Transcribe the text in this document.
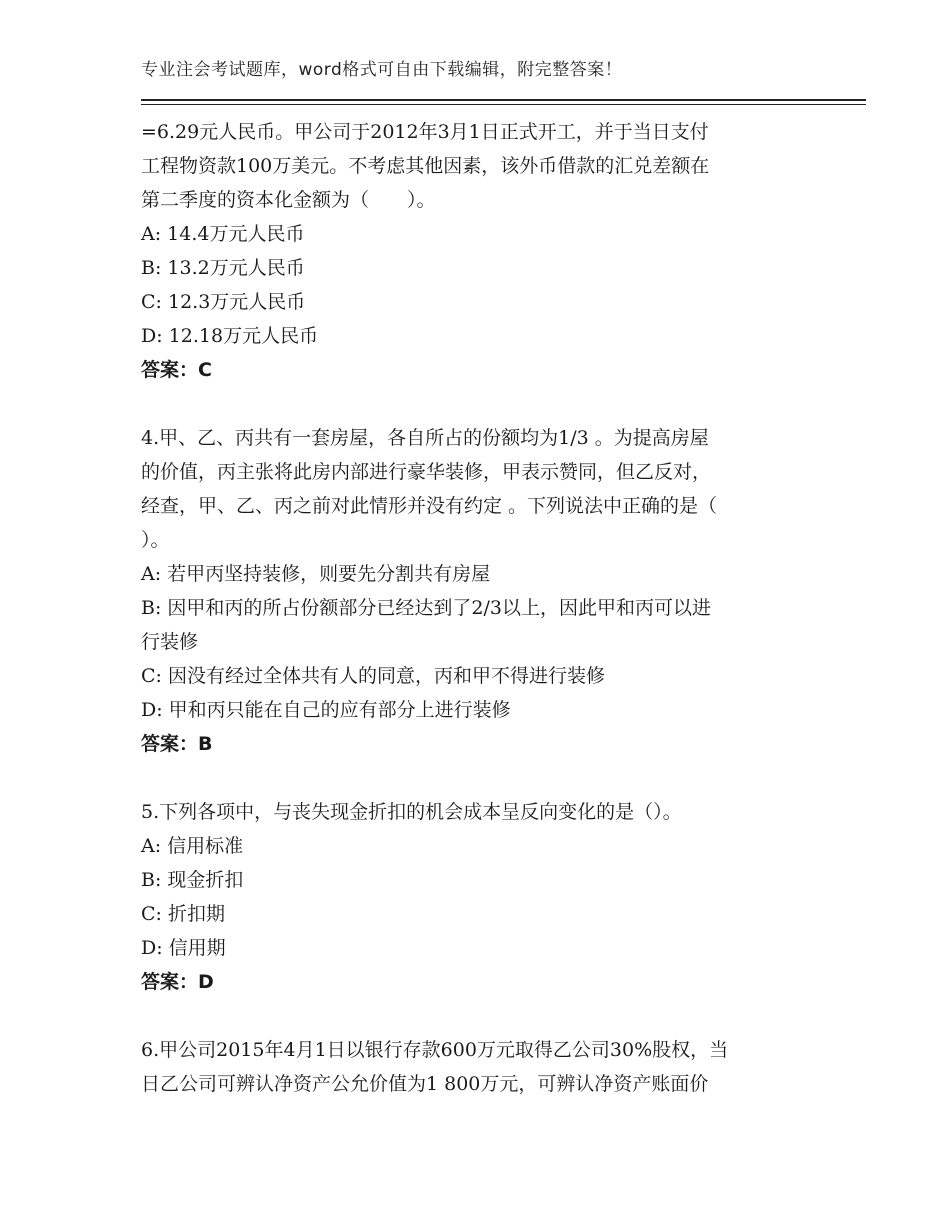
专业注会考试题库，word格式可自由下载编辑，附完整答案！
=6.29元人民币。甲公司于2012年3月1日正式开工，并于当日支付
工程物资款100万美元。不考虑其他因素，该外币借款的汇兑差额在
第二季度的资本化金额为（　　）。
A: 14.4万元人民币
B: 13.2万元人民币
C: 12.3万元人民币
D: 12.18万元人民币
答案：C
4.甲、乙、丙共有一套房屋，各自所占的份额均为1/3 。为提高房屋
的价值，丙主张将此房内部进行豪华装修，甲表示赞同，但乙反对，
经查，甲、乙、丙之前对此情形并没有约定 。下列说法中正确的是（
）。
A: 若甲丙坚持装修，则要先分割共有房屋
B: 因甲和丙的所占份额部分已经达到了2/3以上，因此甲和丙可以进
行装修
C: 因没有经过全体共有人的同意，丙和甲不得进行装修
D: 甲和丙只能在自己的应有部分上进行装修
答案：B
5.下列各项中，与丧失现金折扣的机会成本呈反向变化的是（）。
A: 信用标准
B: 现金折扣
C: 折扣期
D: 信用期
答案：D
6.甲公司2015年4月1日以银行存款600万元取得乙公司30%股权，当
日乙公司可辨认净资产公允价值为1 800万元，可辨认净资产账面价
